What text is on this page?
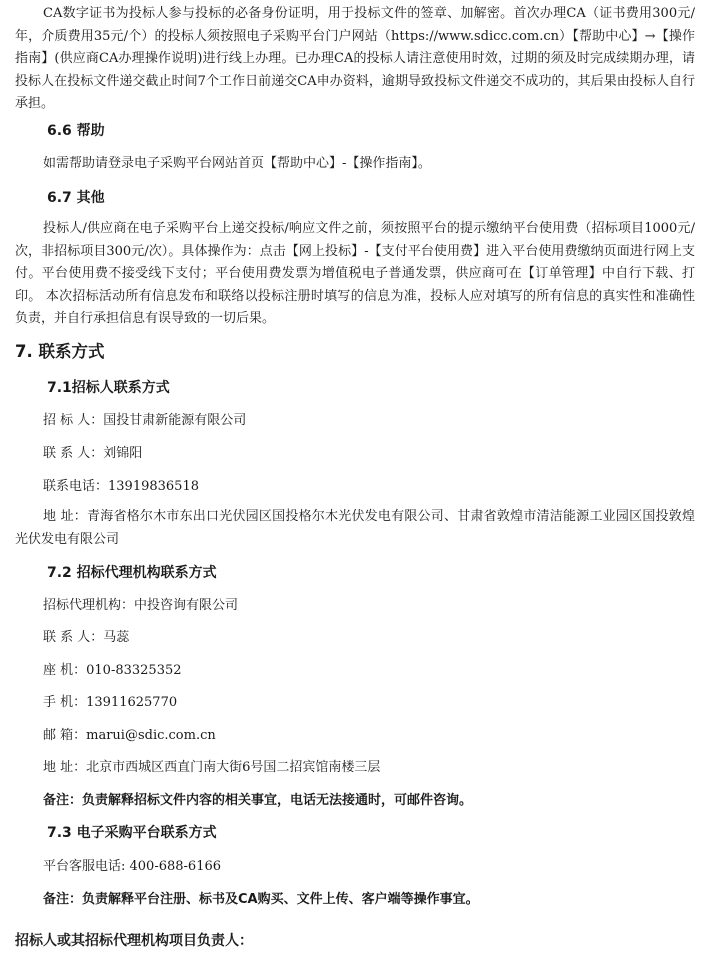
CA数字证书为投标人参与投标的必备身份证明，用于投标文件的签章、加解密。首次办理CA（证书费用300元/年，介质费用35元/个）的投标人须按照电子采购平台门户网站（https://www.sdicc.com.cn）【帮助中心】→【操作指南】(供应商CA办理操作说明)进行线上办理。已办理CA的投标人请注意使用时效，过期的须及时完成续期办理，请投标人在投标文件递交截止时间7个工作日前递交CA申办资料，逾期导致投标文件递交不成功的，其后果由投标人自行承担。

6.6 帮助

如需帮助请登录电子采购平台网站首页【帮助中心】-【操作指南】。

6.7 其他

投标人/供应商在电子采购平台上递交投标/响应文件之前，须按照平台的提示缴纳平台使用费（招标项目1000元/次，非招标项目300元/次）。具体操作为：点击【网上投标】-【支付平台使用费】进入平台使用费缴纳页面进行网上支付。平台使用费不接受线下支付；平台使用费发票为增值税电子普通发票，供应商可在【订单管理】中自行下载、打印。 本次招标活动所有信息发布和联络以投标注册时填写的信息为准，投标人应对填写的所有信息的真实性和准确性负责，并自行承担信息有误导致的一切后果。

7. 联系方式
7.1招标人联系方式

招 标 人：国投甘肃新能源有限公司

联 系 人：刘锦阳

联系电话：13919836518

地 址：青海省格尔木市东出口光伏园区国投格尔木光伏发电有限公司、甘肃省敦煌市清洁能源工业园区国投敦煌光伏发电有限公司

7.2 招标代理机构联系方式

招标代理机构：中投咨询有限公司

联 系 人：马蕊

座 机：010-83325352

手 机：13911625770

邮 箱：marui@sdic.com.cn

地 址：北京市西城区西直门南大街6号国二招宾馆南楼三层

备注：负责解释招标文件内容的相关事宜，电话无法接通时，可邮件咨询。

7.3 电子采购平台联系方式

平台客服电话: 400-688-6166

备注：负责解释平台注册、标书及CA购买、文件上传、客户端等操作事宜。

招标人或其招标代理机构项目负责人：
